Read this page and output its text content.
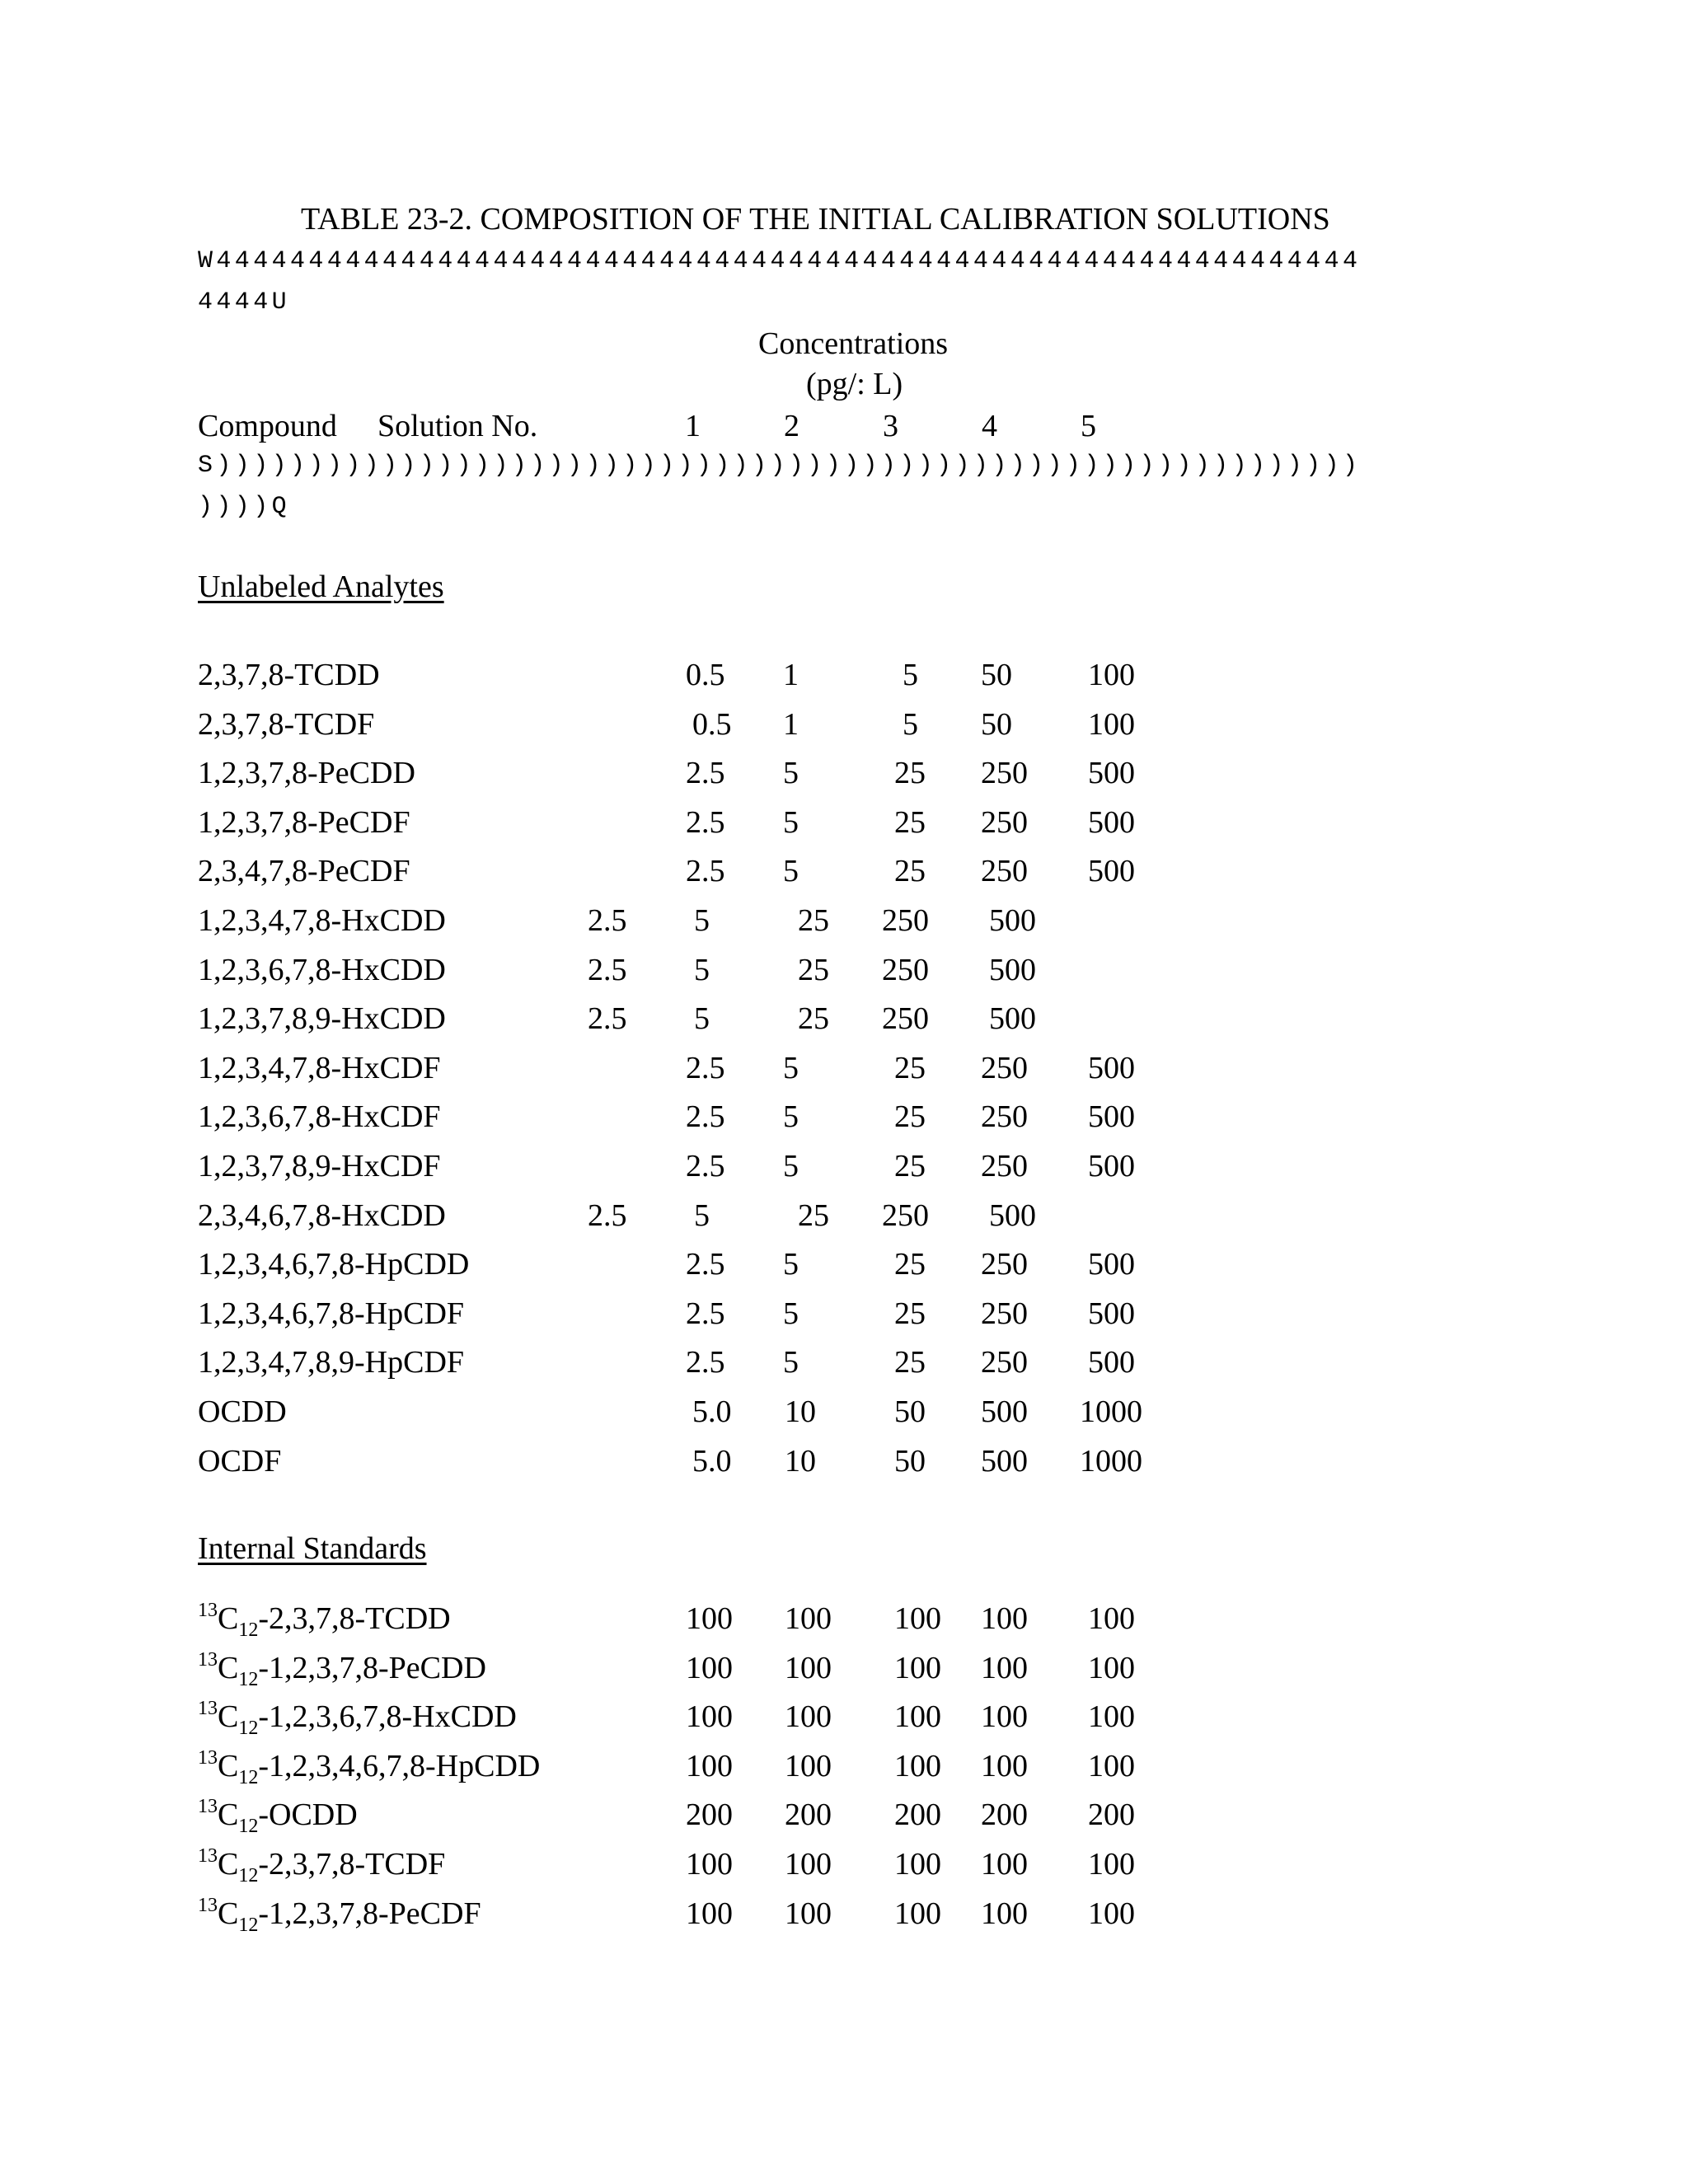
TABLE 23-2. COMPOSITION OF THE INITIAL CALIBRATION SOLUTIONS
W44444444444444444444444444444444444444444444444444444444444444
4444U
Concentrations
(pg/: L)
Compound Solution No.	1	2	3	4	5
S))))))))))))))))))))))))))))))))))))))))))))))))))))))))))))))
))))Q
Unlabeled Analytes
2,3,7,8-TCDD	0.5 1	5 50 100
2,3,7,8-TCDF	0.5 1	5 50 100
1,2,3,7,8-PeCDD	2.5 5	25 250 500
1,2,3,7,8-PeCDF	2.5 5	25 250 500
2,3,4,7,8-PeCDF	2.5 5	25 250 500
1,2,3,4,7,8-HxCDD	2.5 5	25 250 500
1,2,3,6,7,8-HxCDD	2.5 5	25 250 500
1,2,3,7,8,9-HxCDD	2.5 5	25 250 500
1,2,3,4,7,8-HxCDF	2.5 5	25 250 500
1,2,3,6,7,8-HxCDF	2.5 5	25 250 500
1,2,3,7,8,9-HxCDF	2.5 5	25 250 500
2,3,4,6,7,8-HxCDD	2.5 5	25 250 500
1,2,3,4,6,7,8-HpCDD	2.5 5	25 250 500
1,2,3,4,6,7,8-HpCDF	2.5 5	25 250 500
1,2,3,4,7,8,9-HpCDF	2.5 5	25 250 500
OCDD	5.0 10	50 500 1000
OCDF	5.0 10	50 500 1000
Internal Standards
$^{13}C_{12}-2,3,7,8$-TCDD	100 100 100 100 100
$^{13}C_{12}-1,2,3,7,8$-PeCDD	100 100 100 100 100
$^{13}C_{12}-1,2,3,6,7,8$-HxCDD	100 100 100 100 100
$^{13}C_{12}-1,2,3,4,6,7,8$-HpCDD	100 100 100 100 100
$^{13}C_{12}$-OCDD	200 200 200 200 200
$^{13}C_{12}-2,3,7,8$-TCDF	100 100 100 100 100
$^{13}C_{12}-1,2,3,7,8$-PeCDF	100 100 100 100 100
